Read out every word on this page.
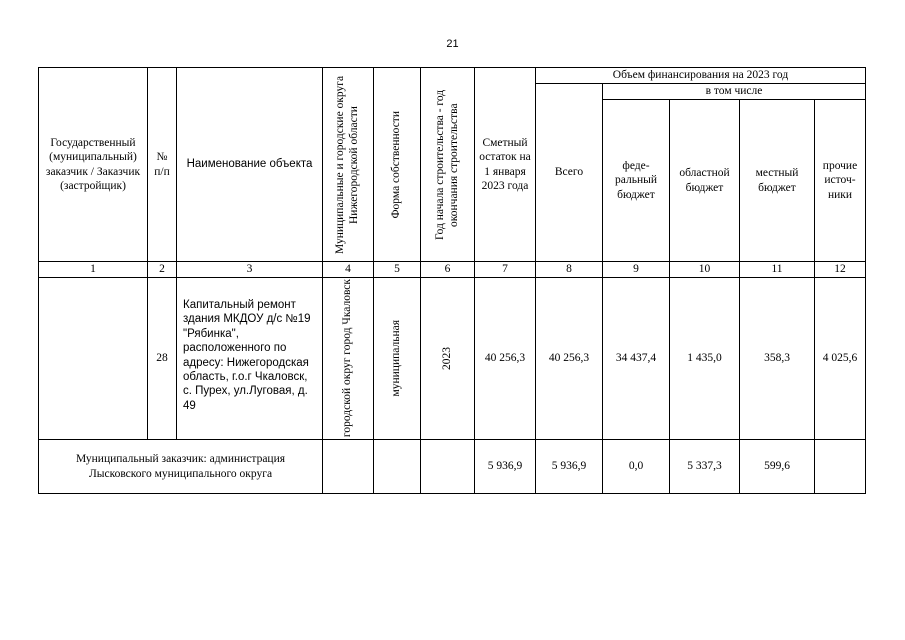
21
Государственный (муниципальный) заказчик / Заказчик (застройщик)	№ п/п	Наименование объекта	Муниципальные и городские округа Нижегородской области	Форма собственности	Год начала строительства - год окончания строительства	Сметный остаток на 1 января 2023 года	Объем финансирования на 2023 год				
							Всего	в том числе			
								феде-ральный бюджет	областной бюджет	местный бюджет	прочие источ-ники
1	2	3	4	5	6	7	8	9	10	11	12
	28	Капитальный ремонт здания МКДОУ д/с №19 "Рябинка", расположенного по адресу: Нижегородская область, г.о.г Чкаловск, с. Пурех, ул.Луговая, д. 49	городской округ город Чкаловск	муниципальная	2023	40 256,3	40 256,3	34 437,4	1 435,0	358,3	4 025,6
Муниципальный заказчик: администрация Лысковского муниципального округа						5 936,9	5 936,9	0,0	5 337,3	599,6	
